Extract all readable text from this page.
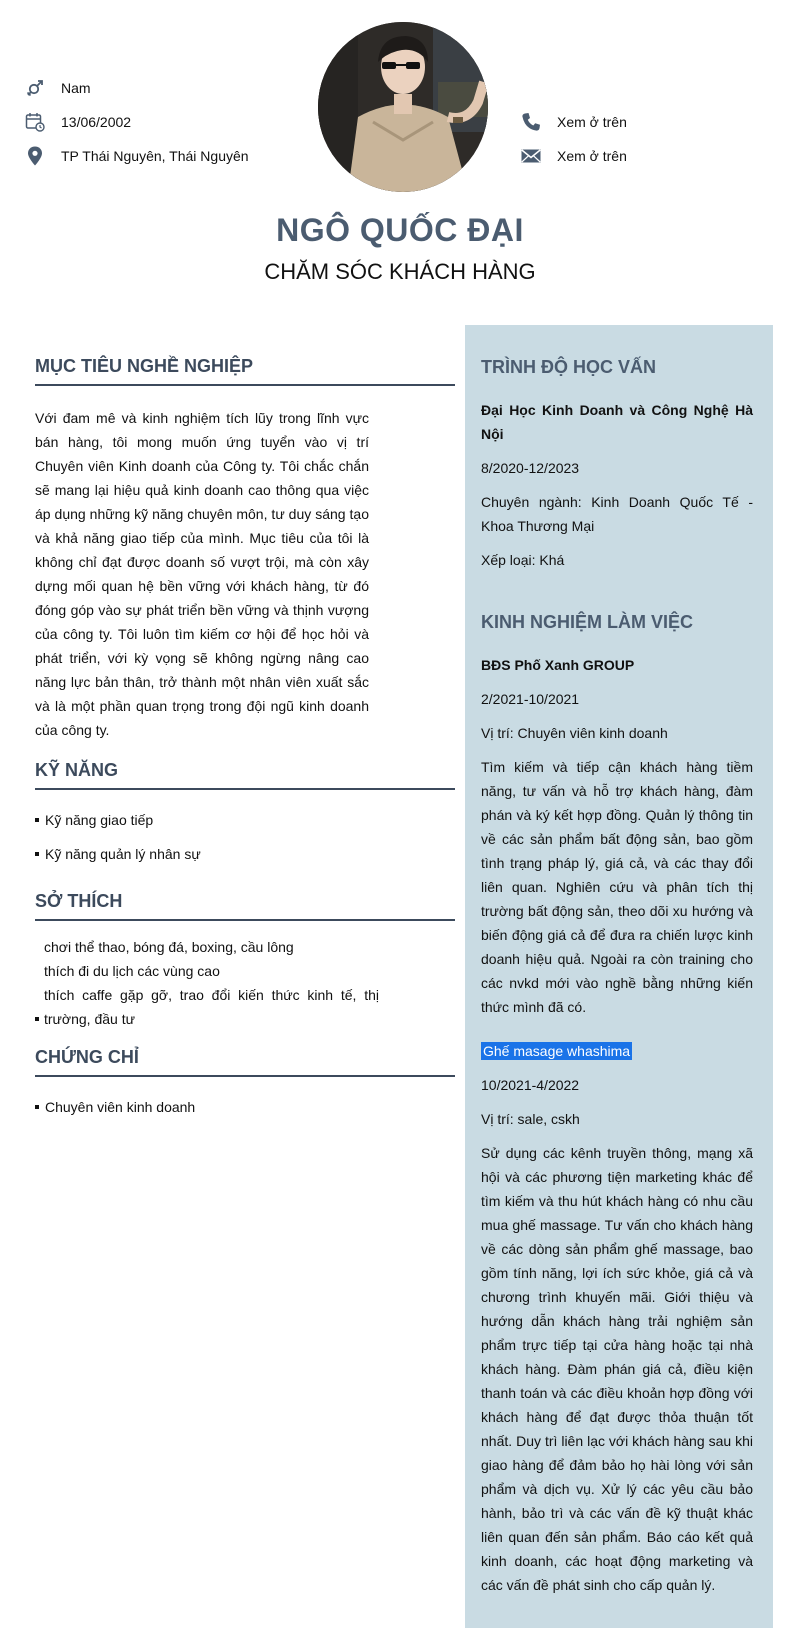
Nam
13/06/2002
TP Thái Nguyên, Thái Nguyên
Xem ở trên
Xem ở trên
NGÔ QUỐC ĐẠI
CHĂM SÓC KHÁCH HÀNG
MỤC TIÊU NGHỀ NGHIỆP
Với đam mê và kinh nghiệm tích lũy trong lĩnh vực bán hàng, tôi mong muốn ứng tuyển vào vị trí Chuyên viên Kinh doanh của Công ty. Tôi chắc chắn sẽ mang lại hiệu quả kinh doanh cao thông qua việc áp dụng những kỹ năng chuyên môn, tư duy sáng tạo và khả năng giao tiếp của mình. Mục tiêu của tôi là không chỉ đạt được doanh số vượt trội, mà còn xây dựng mối quan hệ bền vững với khách hàng, từ đó đóng góp vào sự phát triển bền vững và thịnh vượng của công ty. Tôi luôn tìm kiếm cơ hội để học hỏi và phát triển, với kỳ vọng sẽ không ngừng nâng cao năng lực bản thân, trở thành một nhân viên xuất sắc và là một phần quan trọng trong đội ngũ kinh doanh của công ty.
KỸ NĂNG
Kỹ năng giao tiếp
Kỹ năng quản lý nhân sự
SỞ THÍCH
chơi thể thao, bóng đá, boxing, cầu lông
thích đi du lịch các vùng cao
thích caffe gặp gỡ, trao đổi kiến thức kinh tế, thị
trường, đầu tư
CHỨNG CHỈ
Chuyên viên kinh doanh
TRÌNH ĐỘ HỌC VẤN
Đại Học Kinh Doanh và Công Nghệ Hà Nội
8/2020-12/2023
Chuyên ngành: Kinh Doanh Quốc Tế - Khoa Thương Mại
Xếp loại: Khá
KINH NGHIỆM LÀM VIỆC
BĐS Phố Xanh GROUP
2/2021-10/2021
Vị trí: Chuyên viên kinh doanh
Tìm kiếm và tiếp cận khách hàng tiềm năng, tư vấn và hỗ trợ khách hàng, đàm phán và ký kết hợp đồng. Quản lý thông tin về các sản phẩm bất động sản, bao gồm tình trạng pháp lý, giá cả, và các thay đổi liên quan. Nghiên cứu và phân tích thị trường bất động sản, theo dõi xu hướng và biến động giá cả để đưa ra chiến lược kinh doanh hiệu quả. Ngoài ra còn training cho các nvkd mới vào nghề bằng những kiến thức mình đã có.
Ghế masage whashima
10/2021-4/2022
Vị trí: sale, cskh
Sử dụng các kênh truyền thông, mạng xã hội và các phương tiện marketing khác để tìm kiếm và thu hút khách hàng có nhu cầu mua ghế massage. Tư vấn cho khách hàng về các dòng sản phẩm ghế massage, bao gồm tính năng, lợi ích sức khỏe, giá cả và chương trình khuyến mãi. Giới thiệu và hướng dẫn khách hàng trải nghiệm sản phẩm trực tiếp tại cửa hàng hoặc tại nhà khách hàng. Đàm phán giá cả, điều kiện thanh toán và các điều khoản hợp đồng với khách hàng để đạt được thỏa thuận tốt nhất. Duy trì liên lạc với khách hàng sau khi giao hàng để đảm bảo họ hài lòng với sản phẩm và dịch vụ. Xử lý các yêu cầu bảo hành, bảo trì và các vấn đề kỹ thuật khác liên quan đến sản phẩm. Báo cáo kết quả kinh doanh, các hoạt động marketing và các vấn đề phát sinh cho cấp quản lý.
